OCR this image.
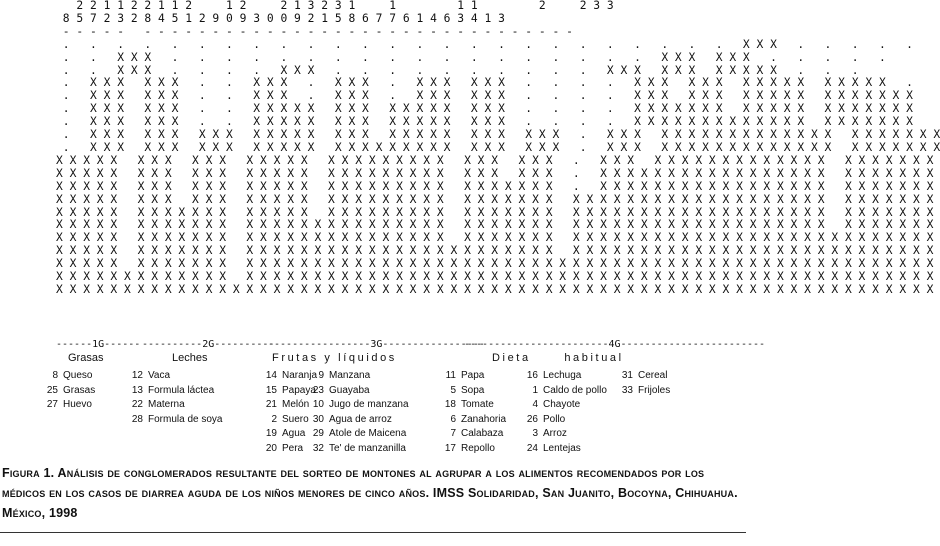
2 2 1 1 2 2 1 1 2     1 2     2 1 3 2 3 1     1         1 1         2     2 3 3
8 5 7 2 3 2 8 4 5 1 2 9 0 9 3 0 0 9 2 1 5 8 6 7 7 6 1 4 6 3 4 1 3
- - - - -   - - - - - - - - - - - - - - - - - - - - - - - - - - - - - - - -
.   .   .   .   .   .   .   .   .   .   .   .   .   .   .   .   .   .   .   .   .   .   .   .   .   X X X   .   .   .   .   .
.   .   X X X   .   .   .   .   .   .   .   .   .   .   .   .   .   .   .   .   .   .   X X X   X X X   .   .   .   .   .
.   .   X X X   .   .   .   .   X X X   .   .   .   .   .   .   .   .   .   .   X X X   X X X   X X X X X   .   .   .
.   X X X   X X X   .   .   X X X   .   X X X   .   X X X   X X X   .   .   .   .   X X X   X X X   X X X X X   X X X X X   .
.   X X X   X X X   .   .   X X X   .   X X X   .   X X X   X X X   .   .   .   .   X X X   X X X   X X X X X   X X X X X X X
.   X X X   X X X   .   .   X X X X X   X X X   X X X X X   X X X   .   .   .   .   X X X X X X X   X X X X X   X X X X X X X
.   X X X   X X X   .   .   X X X X X   X X X   X X X X X   X X X   .   .   .   .   X X X X X X X X X X X X X   X X X X X X X
.   X X X   X X X   X X X   X X X X X   X X X   X X X X X   X X X   X X X   .   X X X   X X X X X X X X X X X X X   X X X X X X X
.   X X X   X X X   X X X   X X X X X   X X X X X X X X X   X X X   X X X   .   X X X   X X X X X X X X X X X X X   X X X X X X X
X X X X X   X X X   X X X   X X X X X   X X X X X X X X X   X X X   X X X   .   X X X   X X X X X X X X X X X X X   X X X X X X X
X X X X X   X X X   X X X   X X X X X   X X X X X X X X X   X X X   X X X   .   X X X X X X X X X X X X X X X X X   X X X X X X X
X X X X X   X X X   X X X   X X X X X   X X X X X X X X X   X X X X X X X   .   X X X X X X X X X X X X X X X X X   X X X X X X X
X X X X X   X X X   X X X   X X X X X   X X X X X X X X X   X X X X X X X   X X X X X X X X X X X X X X X X X X X   X X X X X X X
X X X X X   X X X X X X X   X X X X X   X X X X X X X X X   X X X X X X X   X X X X X X X X X X X X X X X X X X X   X X X X X X X
X X X X X   X X X X X X X   X X X X X X X X X X X X X X X   X X X X X X X   X X X X X X X X X X X X X X X X X X X   X X X X X X X
X X X X X   X X X X X X X   X X X X X X X X X X X X X X X   X X X X X X X   X X X X X X X X X X X X X X X X X X X X X X X X X X X
X X X X X   X X X X X X X   X X X X X X X X X X X X X X X X X X X X X X X   X X X X X X X X X X X X X X X X X X X X X X X X X X X
X X X X X   X X X X X X X   X X X X X X X X X X X X X X X X X X X X X X X X X X X X X X X X X X X X X X X X X X X X X X X X X X X
X X X X X X X X X X X X X   X X X X X X X X X X X X X X X X X X X X X X X X X X X X X X X X X X X X X X X X X X X X X X X X X X X
X X X X X X X X X X X X X X X X X X X X X X X X X X X X X X X X X X X X X X X X X X X X X X X X X X X X X X X X X X X X X X X X X
------1G------ ----------2G----------
-----------------3G-----------------
------------------------4G------------------------
Grasas	Leches	Frutas y líquidos	Dieta habitual
8 Queso
25 Grasas
27 Huevo
12 Vaca
13 Formula láctea
22 Materna
28 Formula de soya
14 Naranja
15 Papaya
21 Melón
2 Suero
19 Agua
20 Pera
9 Manzana
23 Guayaba
10 Jugo de manzana
30 Agua de arroz
29 Atole de Maicena
32 Te' de manzanilla
11 Papa
5 Sopa
18 Tomate
6 Zanahoria
7 Calabaza
17 Repollo
16 Lechuga
1 Caldo de pollo
4 Chayote
26 Pollo
3 Arroz
24 Lentejas
31 Cereal
33 Frijoles
Figura 1. Análisis de conglomerados resultante del sorteo de montones al agrupar a los alimentos recomendados por los médicos en los casos de diarrea aguda de los niños menores de cinco años. IMSS Solidaridad, San Juanito, Bocoyna, Chihuahua. México, 1998
